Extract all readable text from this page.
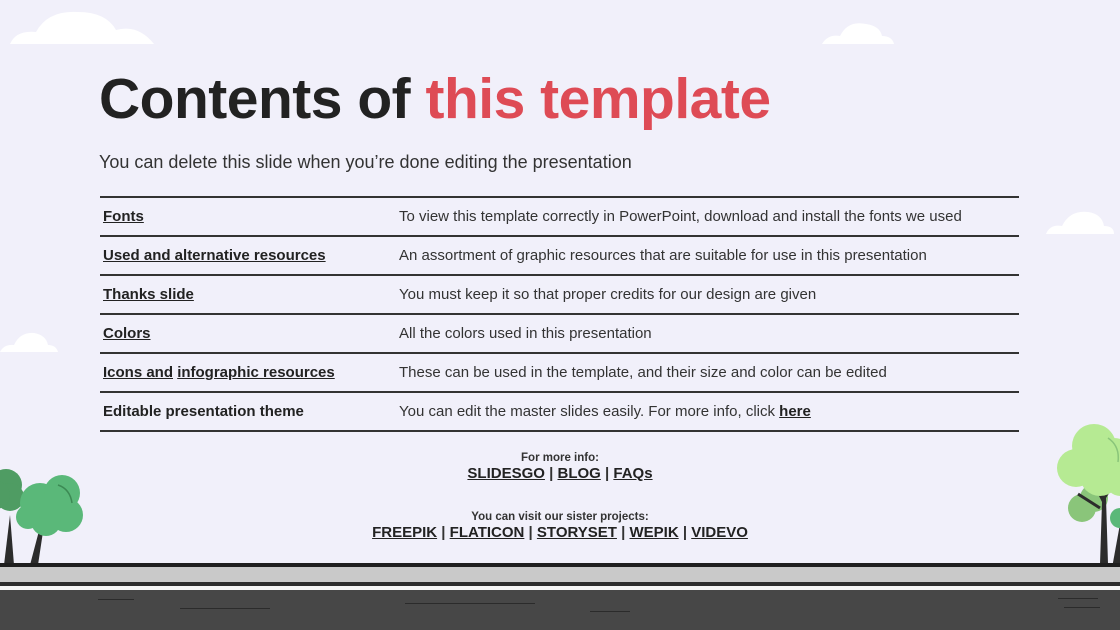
Contents of this template
You can delete this slide when you’re done editing the presentation
Fonts	To view this template correctly in PowerPoint, download and install the fonts we used
Used and alternative resources	An assortment of graphic resources that are suitable for use in this presentation
Thanks slide	You must keep it so that proper credits for our design are given
Colors	All the colors used in this presentation
Icons and infographic resources	These can be used in the template, and their size and color can be edited
Editable presentation theme	You can edit the master slides easily. For more info, click here
For more info:
SLIDESGO | BLOG | FAQs
You can visit our sister projects:
FREEPIK | FLATICON | STORYSET | WEPIK | VIDEVO
